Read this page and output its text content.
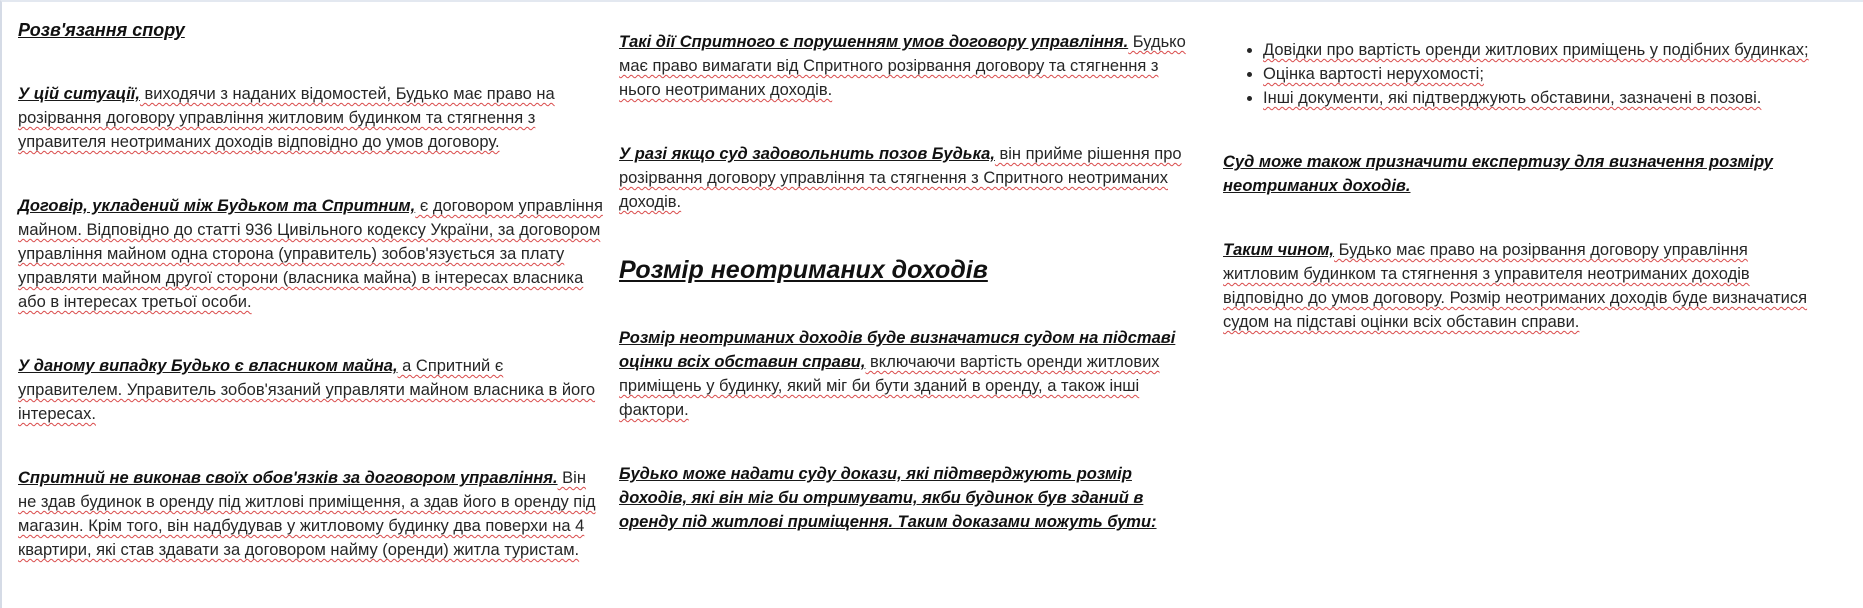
Розв'язання спору

У цій ситуації, виходячи з наданих відомостей, Будько має право на розірвання договору управління житловим будинком та стягнення з управителя неотриманих доходів відповідно до умов договору.

Договір, укладений між Будьком та Спритним, є договором управління майном. Відповідно до статті 936 Цивільного кодексу України, за договором управління майном одна сторона (управитель) зобов'язується за плату управляти майном другої сторони (власника майна) в інтересах власника або в інтересах третьої особи.

У даному випадку Будько є власником майна, а Спритний є управителем. Управитель зобов'язаний управляти майном власника в його інтересах.

Спритний не виконав своїх обов'язків за договором управління. Він не здав будинок в оренду під житлові приміщення, а здав його в оренду під магазин. Крім того, він надбудував у житловому будинку два поверхи на 4 квартири, які став здавати за договором найму (оренди) житла туристам.

Такі дії Спритного є порушенням умов договору управління. Будько має право вимагати від Спритного розірвання договору та стягнення з нього неотриманих доходів.

У разі якщо суд задовольнить позов Будька, він прийме рішення про розірвання договору управління та стягнення з Спритного неотриманих доходів.

Розмір неотриманих доходів

Розмір неотриманих доходів буде визначатися судом на підставі оцінки всіх обставин справи, включаючи вартість оренди житлових приміщень у будинку, який міг би бути зданий в оренду, а також інші фактори.

Будько може надати суду докази, які підтверджують розмір доходів, які він міг би отримувати, якби будинок був зданий в оренду під житлові приміщення. Таким доказами можуть бути:

• Довідки про вартість оренди житлових приміщень у подібних будинках;
• Оцінка вартості нерухомості;
• Інші документи, які підтверджують обставини, зазначені в позові.

Суд може також призначити експертизу для визначення розміру неотриманих доходів.

Таким чином, Будько має право на розірвання договору управління житловим будинком та стягнення з управителя неотриманих доходів відповідно до умов договору. Розмір неотриманих доходів буде визначатися судом на підставі оцінки всіх обставин справи.
